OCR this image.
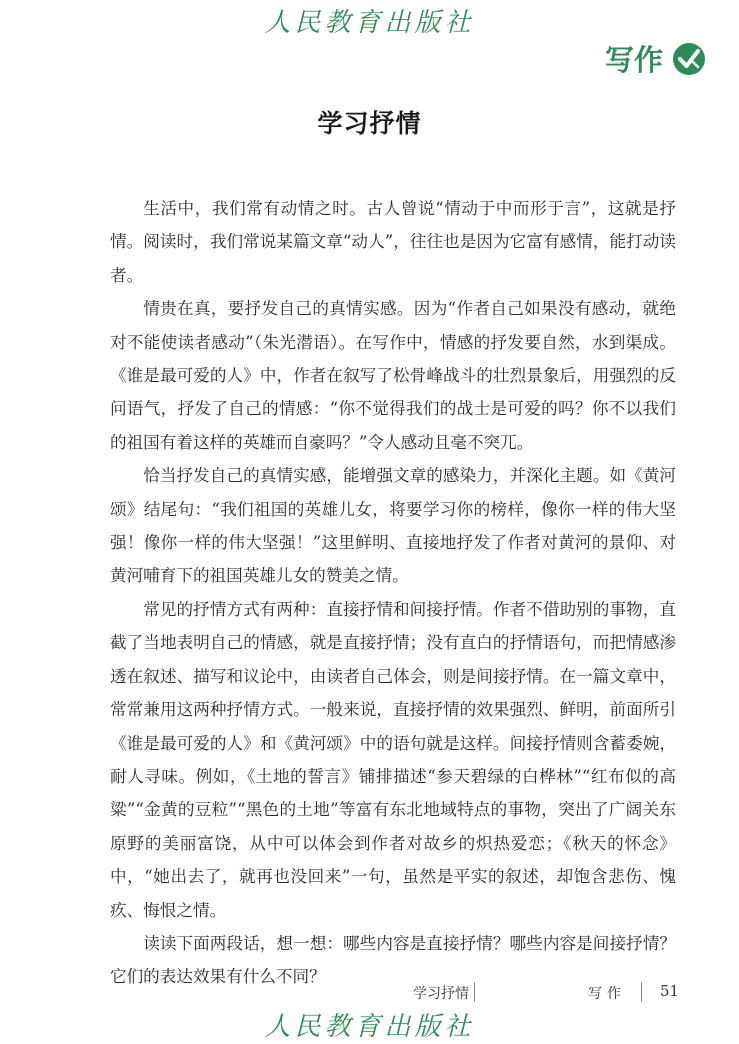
人民教育出版社
写作
学习抒情

生活中，我们常有动情之时。古人曾说“情动于中而形于言”，这就是抒情。阅读时，我们常说某篇文章“动人”，往往也是因为它富有感情，能打动读者。

情贵在真，要抒发自己的真情实感。因为“作者自己如果没有感动，就绝对不能使读者感动”（朱光潜语）。在写作中，情感的抒发要自然，水到渠成。《谁是最可爱的人》中，作者在叙写了松骨峰战斗的壮烈景象后，用强烈的反问语气，抒发了自己的情感：“你不觉得我们的战士是可爱的吗？你不以我们的祖国有着这样的英雄而自豪吗？”令人感动且毫不突兀。

恰当抒发自己的真情实感，能增强文章的感染力，并深化主题。如《黄河颂》结尾句：“我们祖国的英雄儿女，将要学习你的榜样，像你一样的伟大坚强！像你一样的伟大坚强！”这里鲜明、直接地抒发了作者对黄河的景仰、对黄河哺育下的祖国英雄儿女的赞美之情。

常见的抒情方式有两种：直接抒情和间接抒情。作者不借助别的事物，直截了当地表明自己的情感，就是直接抒情；没有直白的抒情语句，而把情感渗透在叙述、描写和议论中，由读者自己体会，则是间接抒情。在一篇文章中，常常兼用这两种抒情方式。一般来说，直接抒情的效果强烈、鲜明，前面所引《谁是最可爱的人》和《黄河颂》中的语句就是这样。间接抒情则含蓄委婉，耐人寻味。例如，《土地的誓言》铺排描述“参天碧绿的白桦林”“红布似的高粱”“金黄的豆粒”“黑色的土地”等富有东北地域特点的事物，突出了广阔关东原野的美丽富饶，从中可以体会到作者对故乡的炽热爱恋；《秋天的怀念》中，“她出去了，就再也没回来”一句，虽然是平实的叙述，却饱含悲伤、愧疚、悔恨之情。

读读下面两段话，想一想：哪些内容是直接抒情？哪些内容是间接抒情？它们的表达效果有什么不同？

学习抒情	写作 51
人民教育出版社
